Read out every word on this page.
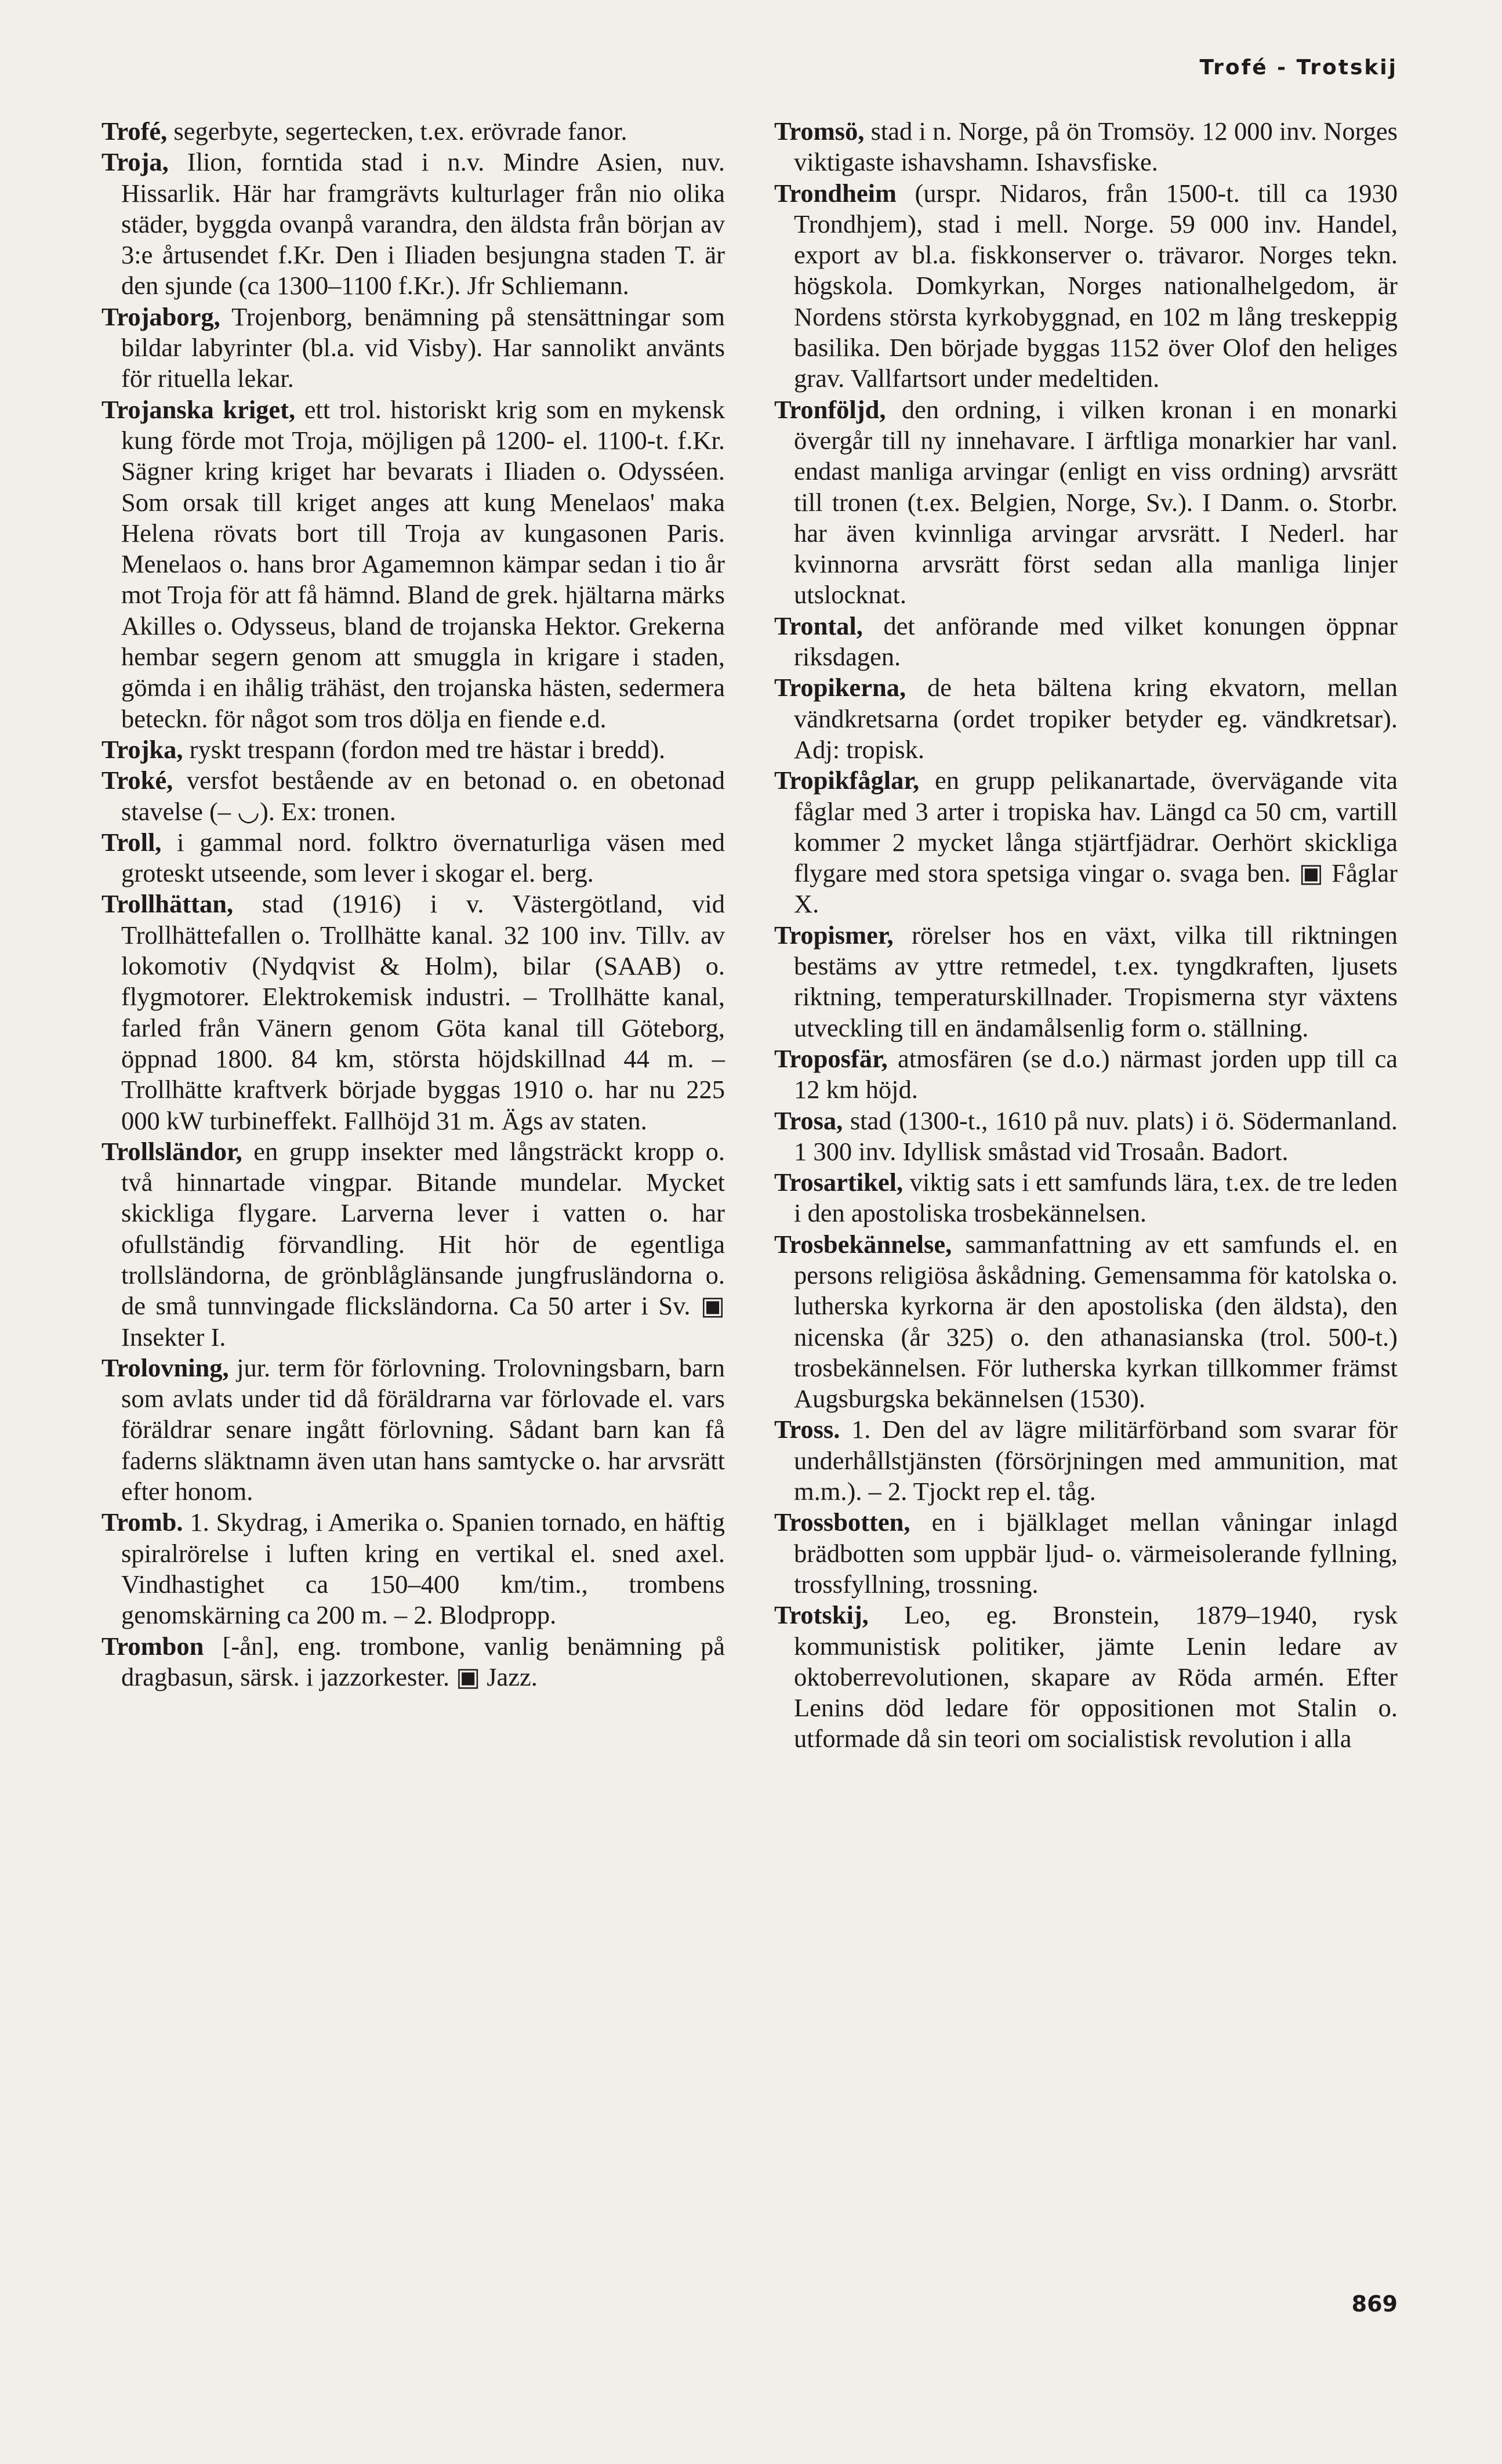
Trofé - Trotskij

Trofé, segerbyte, segertecken, t.ex. erövrade fanor.

Troja, Ilion, forntida stad i n.v. Mindre Asien, nuv. Hissarlik. Här har framgrävts kulturlager från nio olika städer, byggda ovanpå varandra, den äldsta från början av 3:e årtusendet f.Kr. Den i Iliaden besjungna staden T. är den sjunde (ca 1300–1100 f.Kr.). Jfr Schliemann.

Trojaborg, Trojenborg, benämning på stensättningar som bildar labyrinter (bl.a. vid Visby). Har sannolikt använts för rituella lekar.

Trojanska kriget, ett trol. historiskt krig som en mykensk kung förde mot Troja, möjligen på 1200- el. 1100-t. f.Kr. Sägner kring kriget har bevarats i Iliaden o. Odysséen. Som orsak till kriget anges att kung Menelaos' maka Helena rövats bort till Troja av kungasonen Paris. Menelaos o. hans bror Agamemnon kämpar sedan i tio år mot Troja för att få hämnd. Bland de grek. hjältarna märks Akilles o. Odysseus, bland de trojanska Hektor. Grekerna hembar segern genom att smuggla in krigare i staden, gömda i en ihålig trähäst, den trojanska hästen, sedermera beteckn. för något som tros dölja en fiende e.d.

Trojka, ryskt trespann (fordon med tre hästar i bredd).

Troké, versfot bestående av en betonad o. en obetonad stavelse (– ◡). Ex: tronen.

Troll, i gammal nord. folktro övernaturliga väsen med groteskt utseende, som lever i skogar el. berg.

Trollhättan, stad (1916) i v. Västergötland, vid Trollhättefallen o. Trollhätte kanal. 32 100 inv. Tillv. av lokomotiv (Nydqvist & Holm), bilar (SAAB) o. flygmotorer. Elektrokemisk industri. – Trollhätte kanal, farled från Vänern genom Göta kanal till Göteborg, öppnad 1800. 84 km, största höjdskillnad 44 m. – Trollhätte kraftverk började byggas 1910 o. har nu 225 000 kW turbineffekt. Fallhöjd 31 m. Ägs av staten.

Trollsländor, en grupp insekter med långsträckt kropp o. två hinnartade vingpar. Bitande mundelar. Mycket skickliga flygare. Larverna lever i vatten o. har ofullständig förvandling. Hit hör de egentliga trollsländorna, de grönblåglänsande jungfrusländorna o. de små tunnvingade flicksländorna. Ca 50 arter i Sv. ▣ Insekter I.

Trolovning, jur. term för förlovning. Trolovningsbarn, barn som avlats under tid då föräldrarna var förlovade el. vars föräldrar senare ingått förlovning. Sådant barn kan få faderns släktnamn även utan hans samtycke o. har arvsrätt efter honom.

Tromb. 1. Skydrag, i Amerika o. Spanien tornado, en häftig spiralrörelse i luften kring en vertikal el. sned axel. Vindhastighet ca 150–400 km/tim., trombens genomskärning ca 200 m. – 2. Blodpropp.

Trombon [-ån], eng. trombone, vanlig benämning på dragbasun, särsk. i jazzorkester. ▣ Jazz.

Tromsö, stad i n. Norge, på ön Tromsöy. 12 000 inv. Norges viktigaste ishavshamn. Ishavsfiske.

Trondheim (urspr. Nidaros, från 1500-t. till ca 1930 Trondhjem), stad i mell. Norge. 59 000 inv. Handel, export av bl.a. fiskkonserver o. trävaror. Norges tekn. högskola. Domkyrkan, Norges nationalhelgedom, är Nordens största kyrkobyggnad, en 102 m lång treskeppig basilika. Den började byggas 1152 över Olof den heliges grav. Vallfartsort under medeltiden.

Tronföljd, den ordning, i vilken kronan i en monarki övergår till ny innehavare. I ärftliga monarkier har vanl. endast manliga arvingar (enligt en viss ordning) arvsrätt till tronen (t.ex. Belgien, Norge, Sv.). I Danm. o. Storbr. har även kvinnliga arvingar arvsrätt. I Nederl. har kvinnorna arvsrätt först sedan alla manliga linjer utslocknat.

Trontal, det anförande med vilket konungen öppnar riksdagen.

Tropikerna, de heta bältena kring ekvatorn, mellan vändkretsarna (ordet tropiker betyder eg. vändkretsar). Adj: tropisk.

Tropikfåglar, en grupp pelikanartade, övervägande vita fåglar med 3 arter i tropiska hav. Längd ca 50 cm, vartill kommer 2 mycket långa stjärtfjädrar. Oerhört skickliga flygare med stora spetsiga vingar o. svaga ben. ▣ Fåglar X.

Tropismer, rörelser hos en växt, vilka till riktningen bestäms av yttre retmedel, t.ex. tyngdkraften, ljusets riktning, temperaturskillnader. Tropismerna styr växtens utveckling till en ändamålsenlig form o. ställning.

Troposfär, atmosfären (se d.o.) närmast jorden upp till ca 12 km höjd.

Trosa, stad (1300-t., 1610 på nuv. plats) i ö. Södermanland. 1 300 inv. Idyllisk småstad vid Trosaån. Badort.

Trosartikel, viktig sats i ett samfunds lära, t.ex. de tre leden i den apostoliska trosbekännelsen.

Trosbekännelse, sammanfattning av ett samfunds el. en persons religiösa åskådning. Gemensamma för katolska o. lutherska kyrkorna är den apostoliska (den äldsta), den nicenska (år 325) o. den athanasianska (trol. 500-t.) trosbekännelsen. För lutherska kyrkan tillkommer främst Augsburgska bekännelsen (1530).

Tross. 1. Den del av lägre militärförband som svarar för underhållstjänsten (försörjningen med ammunition, mat m.m.). – 2. Tjockt rep el. tåg.

Trossbotten, en i bjälklaget mellan våningar inlagd brädbotten som uppbär ljud- o. värmeisolerande fyllning, trossfyllning, trossning.

Trotskij, Leo, eg. Bronstein, 1879–1940, rysk kommunistisk politiker, jämte Lenin ledare av oktoberrevolutionen, skapare av Röda armén. Efter Lenins död ledare för oppositionen mot Stalin o. utformade då sin teori om socialistisk revolution i alla

869
